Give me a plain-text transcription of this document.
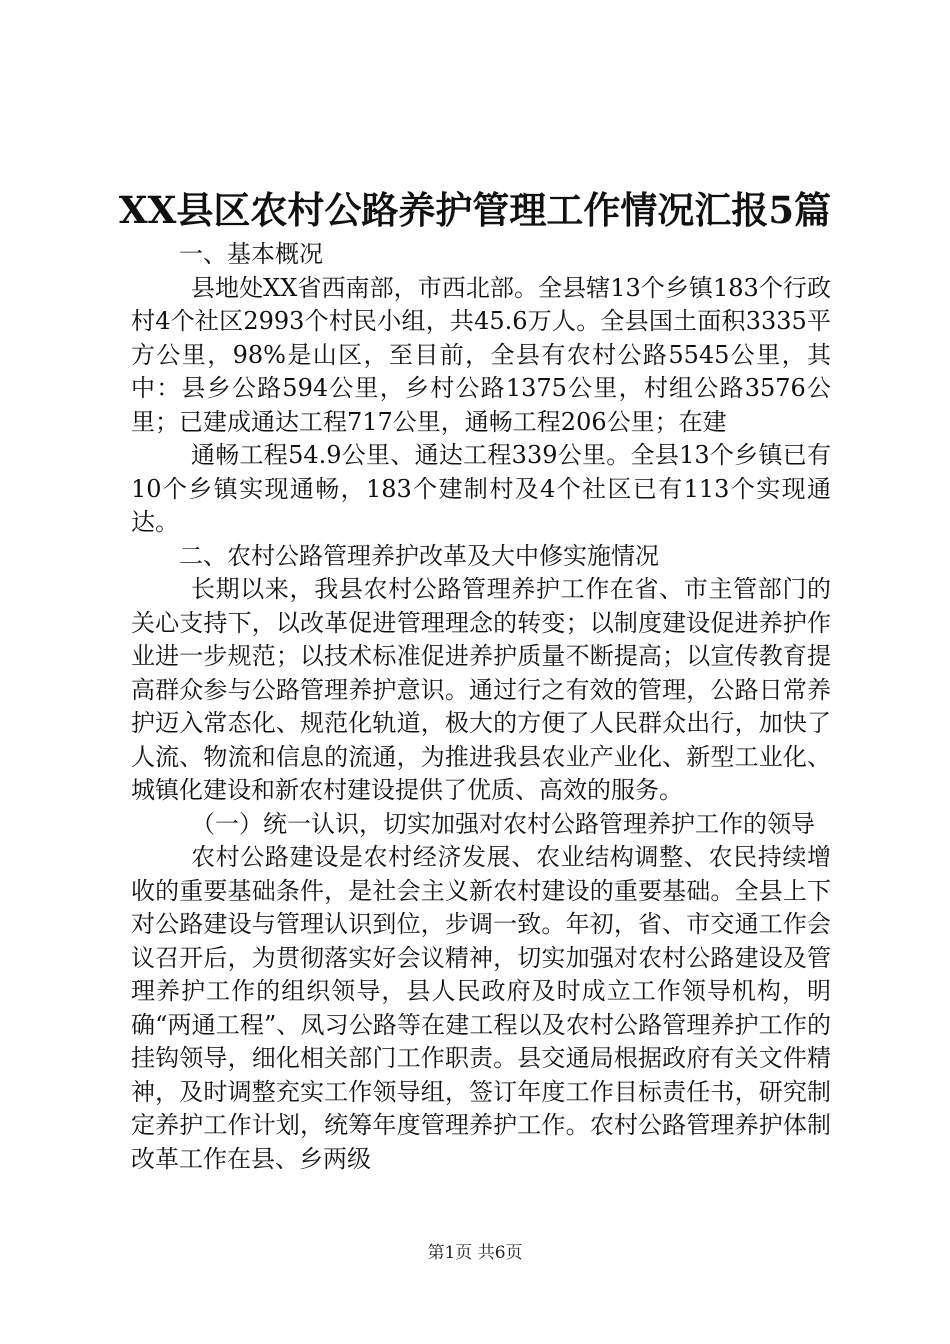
XX县区农村公路养护管理工作情况汇报5篇

一、基本概况

县地处XX省西南部，市西北部。全县辖13个乡镇183个行政村4个社区2993个村民小组，共45.6万人。全县国土面积3335平方公里，98%是山区，至目前，全县有农村公路5545公里，其中：县乡公路594公里，乡村公路1375公里，村组公路3576公里；已建成通达工程717公里，通畅工程206公里；在建

通畅工程54.9公里、通达工程339公里。全县13个乡镇已有10个乡镇实现通畅，183个建制村及4个社区已有113个实现通达。

二、农村公路管理养护改革及大中修实施情况

长期以来，我县农村公路管理养护工作在省、市主管部门的关心支持下，以改革促进管理理念的转变；以制度建设促进养护作业进一步规范；以技术标准促进养护质量不断提高；以宣传教育提高群众参与公路管理养护意识。通过行之有效的管理，公路日常养护迈入常态化、规范化轨道，极大的方便了人民群众出行，加快了人流、物流和信息的流通，为推进我县农业产业化、新型工业化、城镇化建设和新农村建设提供了优质、高效的服务。

（一）统一认识，切实加强对农村公路管理养护工作的领导

农村公路建设是农村经济发展、农业结构调整、农民持续增收的重要基础条件，是社会主义新农村建设的重要基础。全县上下对公路建设与管理认识到位，步调一致。年初，省、市交通工作会议召开后，为贯彻落实好会议精神，切实加强对农村公路建设及管理养护工作的组织领导，县人民政府及时成立工作领导机构，明确“两通工程”、凤习公路等在建工程以及农村公路管理养护工作的挂钩领导，细化相关部门工作职责。县交通局根据政府有关文件精神，及时调整充实工作领导组，签订年度工作目标责任书，研究制定养护工作计划，统筹年度管理养护工作。农村公路管理养护体制改革工作在县、乡两级

第1页 共6页
